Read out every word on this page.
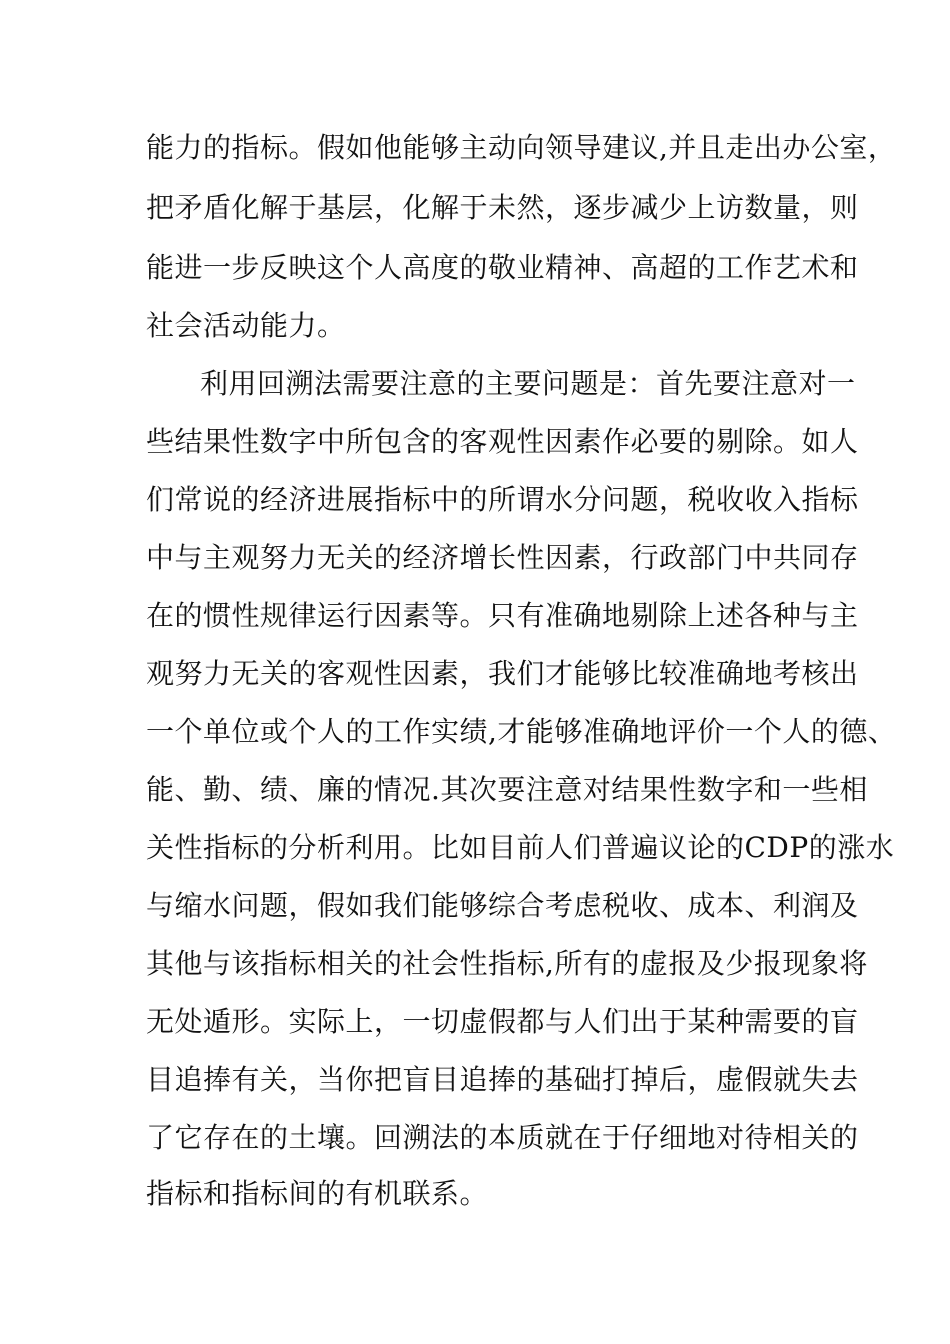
能力的指标。假如他能够主动向领导建议,并且走出办公室，
把矛盾化解于基层，化解于未然，逐步减少上访数量，则
能进一步反映这个人高度的敬业精神、高超的工作艺术和
社会活动能力。
利用回溯法需要注意的主要问题是：首先要注意对一
些结果性数字中所包含的客观性因素作必要的剔除。如人
们常说的经济进展指标中的所谓水分问题，税收收入指标
中与主观努力无关的经济增长性因素，行政部门中共同存
在的惯性规律运行因素等。只有准确地剔除上述各种与主
观努力无关的客观性因素，我们才能够比较准确地考核出
一个单位或个人的工作实绩,才能够准确地评价一个人的德、
能、勤、绩、廉的情况.其次要注意对结果性数字和一些相
关性指标的分析利用。比如目前人们普遍议论的CDP的涨水
与缩水问题，假如我们能够综合考虑税收、成本、利润及
其他与该指标相关的社会性指标,所有的虚报及少报现象将
无处遁形。实际上，一切虚假都与人们出于某种需要的盲
目追捧有关，当你把盲目追捧的基础打掉后，虚假就失去
了它存在的土壤。回溯法的本质就在于仔细地对待相关的
指标和指标间的有机联系。
